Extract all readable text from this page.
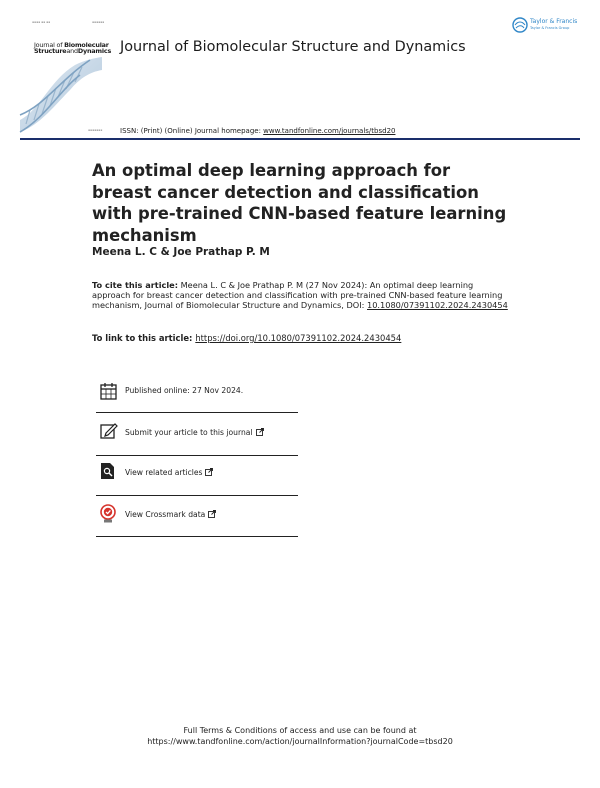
▪▪▪▪ ▪▪ ▪▪	▪▪▪▪▪▪
Journal of Biomolecular
StructureandDynamics
▪▪▪▪▪▪▪
Journal of Biomolecular Structure and Dynamics
Taylor & Francis
Taylor & Francis Group
ISSN: (Print) (Online) Journal homepage: www.tandfonline.com/journals/tbsd20
An optimal deep learning approach for breast cancer detection and classification with pre-trained CNN-based feature learning mechanism
Meena L. C & Joe Prathap P. M
To cite this article: Meena L. C & Joe Prathap P. M (27 Nov 2024): An optimal deep learning approach for breast cancer detection and classification with pre-trained CNN-based feature learning mechanism, Journal of Biomolecular Structure and Dynamics, DOI: 10.1080/07391102.2024.2430454
To link to this article: https://doi.org/10.1080/07391102.2024.2430454
Published online: 27 Nov 2024.
Submit your article to this journal
View related articles
View Crossmark data
Full Terms & Conditions of access and use can be found at
https://www.tandfonline.com/action/journalInformation?journalCode=tbsd20
